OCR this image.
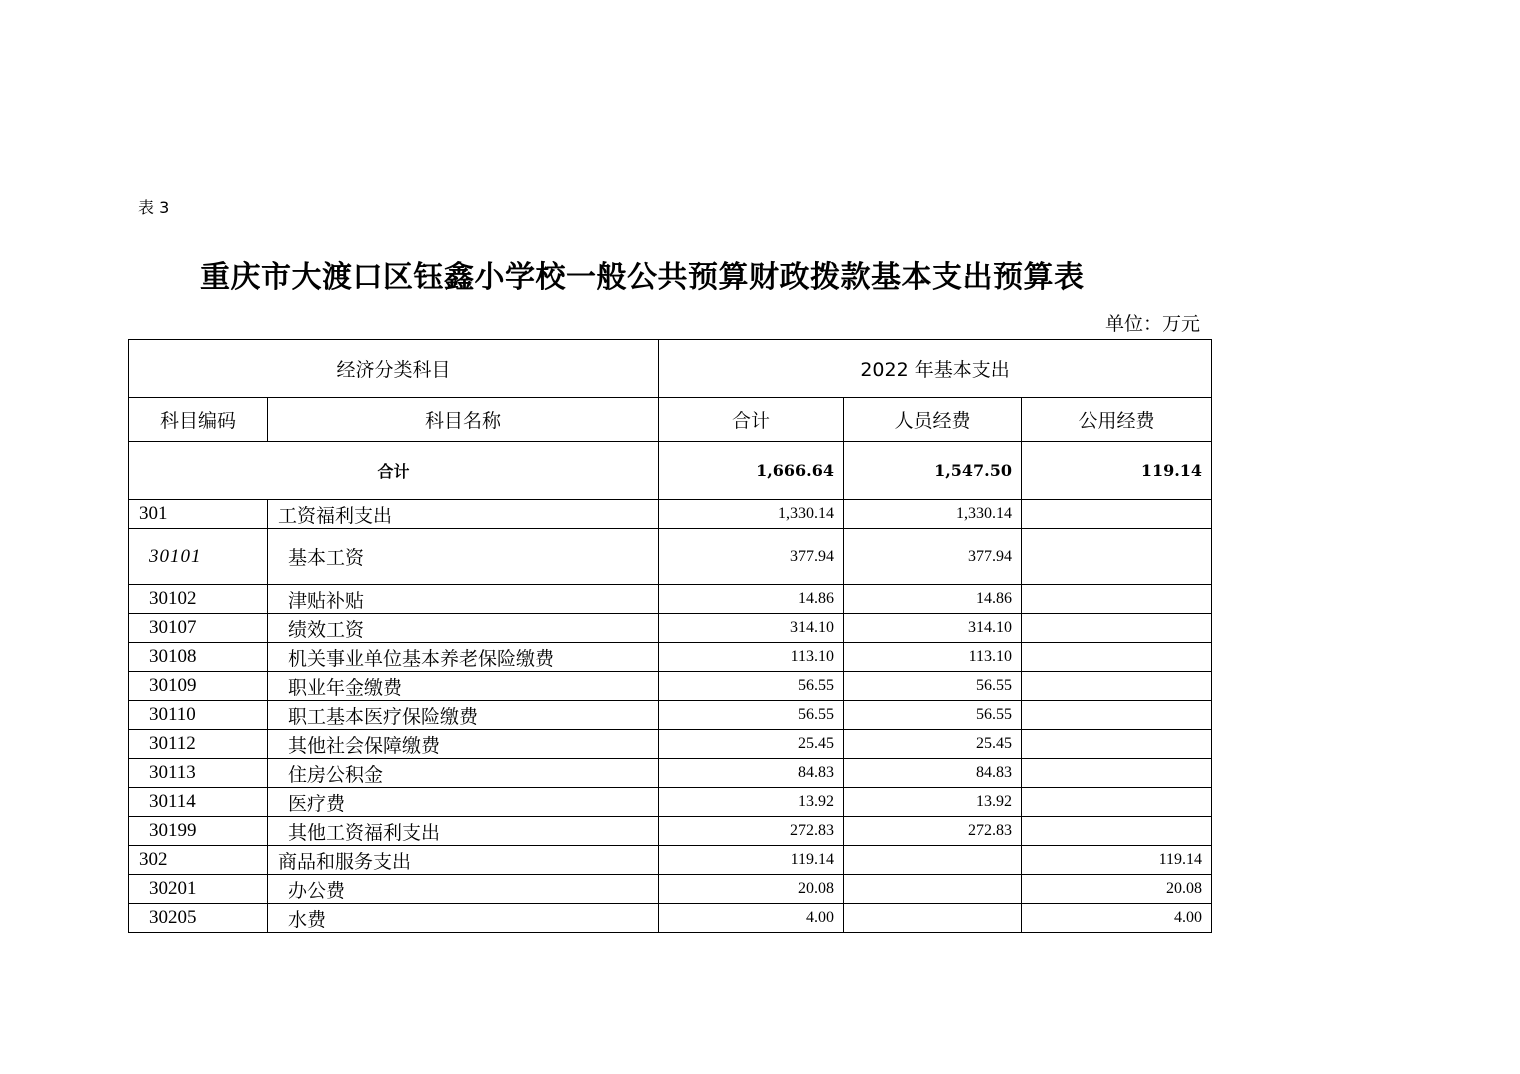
表 3
重庆市大渡口区钰鑫小学校一般公共预算财政拨款基本支出预算表
单位：万元
经济分类科目		2022 年基本支出		
科目编码	科目名称	合计	人员经费	公用经费
合计		1,666.64	1,547.50	119.14
301	工资福利支出	1,330.14	1,330.14	
30101	基本工资	377.94	377.94	
30102	津贴补贴	14.86	14.86	
30107	绩效工资	314.10	314.10	
30108	机关事业单位基本养老保险缴费	113.10	113.10	
30109	职业年金缴费	56.55	56.55	
30110	职工基本医疗保险缴费	56.55	56.55	
30112	其他社会保障缴费	25.45	25.45	
30113	住房公积金	84.83	84.83	
30114	医疗费	13.92	13.92	
30199	其他工资福利支出	272.83	272.83	
302	商品和服务支出	119.14		119.14
30201	办公费	20.08		20.08
30205	水费	4.00		4.00
